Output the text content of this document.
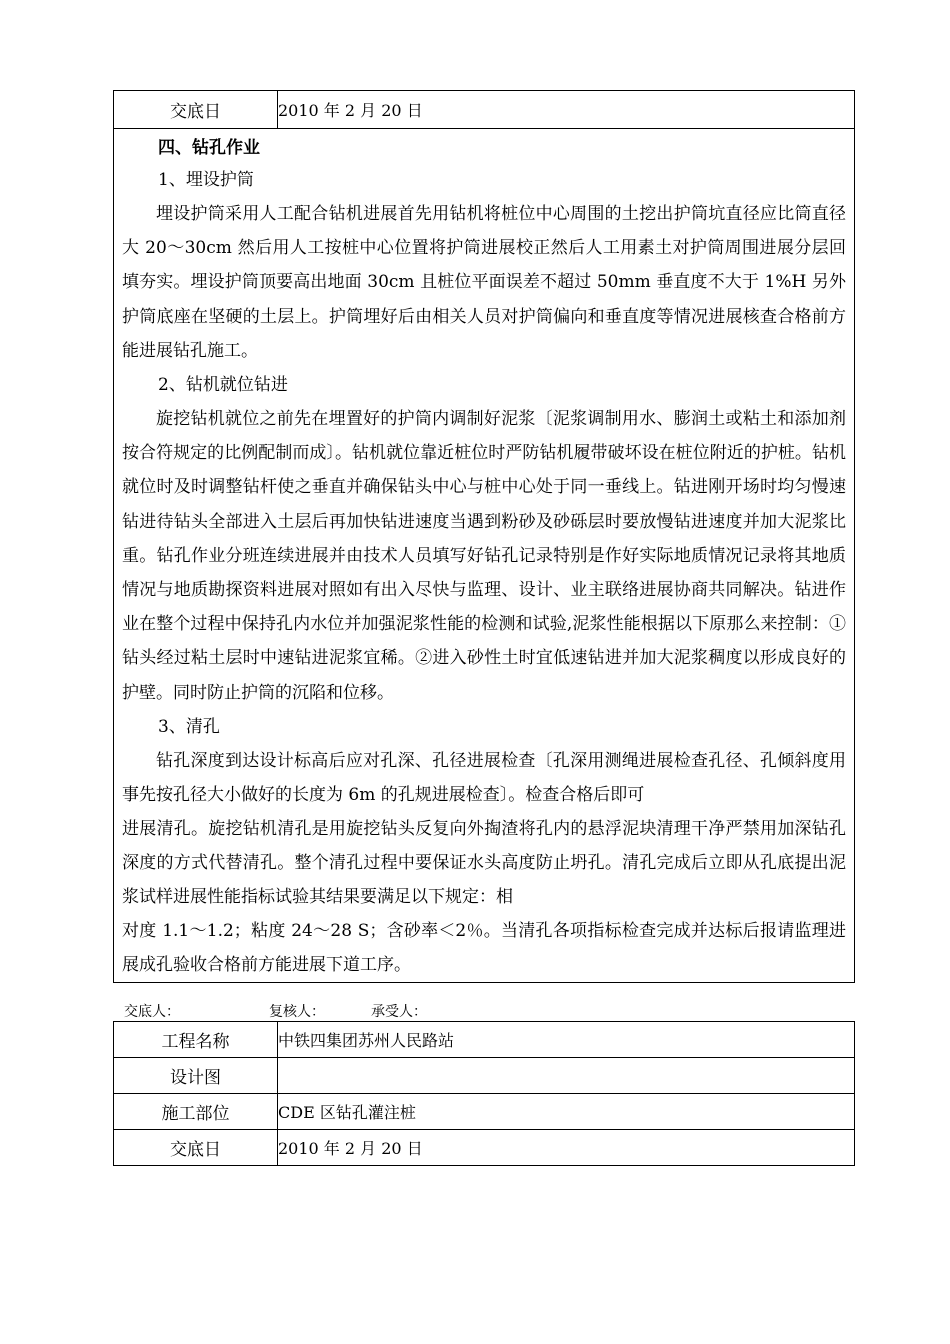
交底日	2010 年 2 月 20 日

四、钻孔作业
1、埋设护筒

埋设护筒采用人工配合钻机进展首先用钻机将桩位中心周围的土挖出护筒坑直径应比筒直径大 20～30cm 然后用人工按桩中心位置将护筒进展校正然后人工用素土对护筒周围进展分层回填夯实。埋设护筒顶要高出地面 30cm 且桩位平面误差不超过 50mm 垂直度不大于 1%H 另外护筒底座在坚硬的土层上。护筒埋好后由相关人员对护筒偏向和垂直度等情况进展核查合格前方能进展钻孔施工。

2、钻机就位钻进

旋挖钻机就位之前先在埋置好的护筒内调制好泥浆〔泥浆调制用水、膨润土或粘土和添加剂按合符规定的比例配制而成〕。钻机就位靠近桩位时严防钻机履带破坏设在桩位附近的护桩。钻机就位时及时调整钻杆使之垂直并确保钻头中心与桩中心处于同一垂线上。钻进刚开场时均匀慢速钻进待钻头全部进入土层后再加快钻进速度当遇到粉砂及砂砾层时要放慢钻进速度并加大泥浆比重。钻孔作业分班连续进展并由技术人员填写好钻孔记录特别是作好实际地质情况记录将其地质情况与地质勘探资料进展对照如有出入尽快与监理、设计、业主联络进展协商共同解决。钻进作业在整个过程中保持孔内水位并加强泥浆性能的检测和试验,泥浆性能根据以下原那么来控制：①钻头经过粘土层时中速钻进泥浆宜稀。②进入砂性土时宜低速钻进并加大泥浆稠度以形成良好的护壁。同时防止护筒的沉陷和位移。

3、清孔

钻孔深度到达设计标高后应对孔深、孔径进展检查〔孔深用测绳进展检查孔径、孔倾斜度用事先按孔径大小做好的长度为 6m 的孔规进展检查〕。检查合格后即可

进展清孔。旋挖钻机清孔是用旋挖钻头反复向外掏渣将孔内的悬浮泥块清理干净严禁用加深钻孔深度的方式代替清孔。整个清孔过程中要保证水头高度防止坍孔。清孔完成后立即从孔底提出泥浆试样进展性能指标试验其结果要满足以下规定：相

对度 1.1～1.2；粘度 24～28 S；含砂率＜2％。当清孔各项指标检查完成并达标后报请监理进展成孔验收合格前方能进展下道工序。

交底人：	复核人：	承受人：
工程名称	中铁四集团苏州人民路站
设计图	
施工部位	CDE 区钻孔灌注桩
交底日	2010 年 2 月 20 日
